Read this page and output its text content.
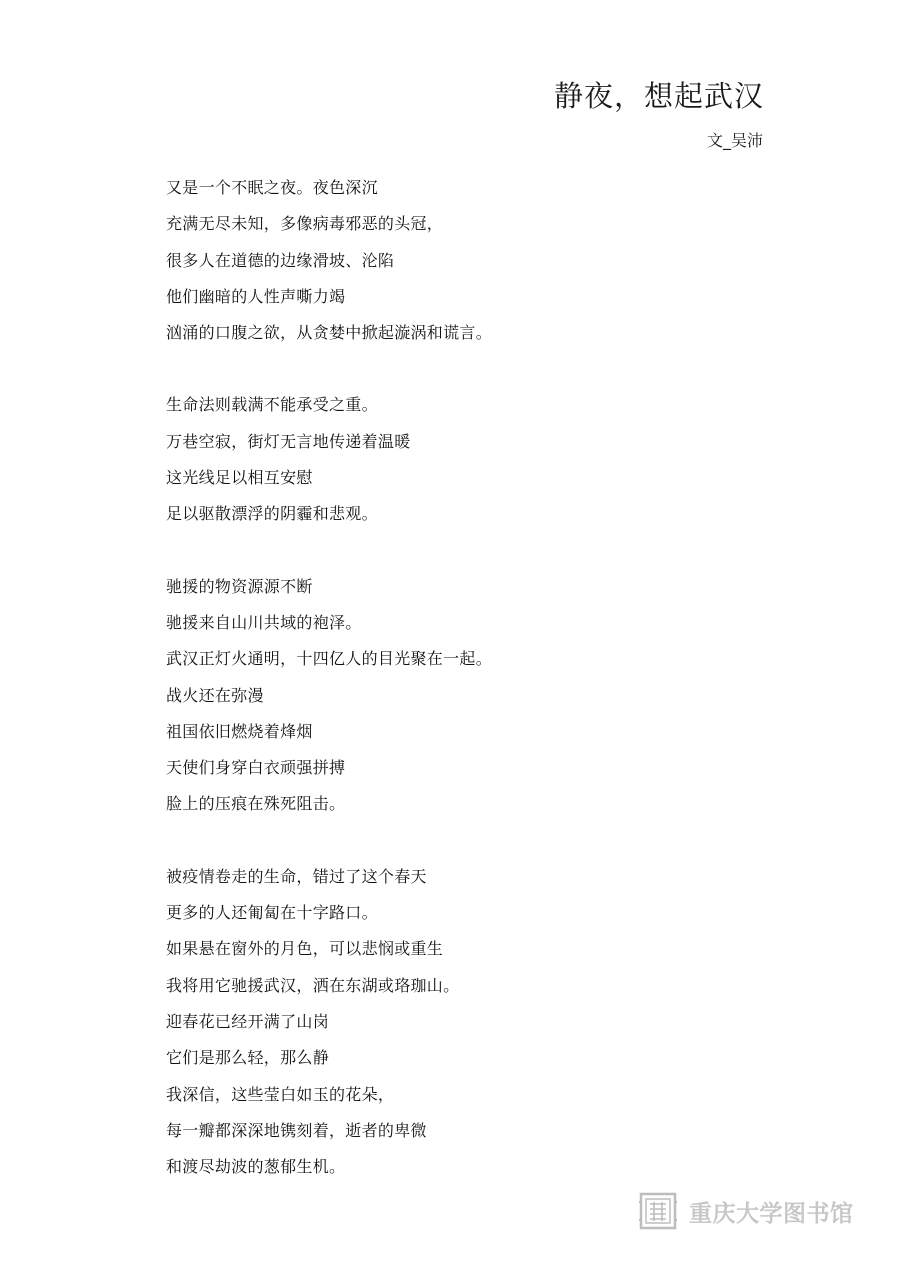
静夜，想起武汉
文_吴沛
又是一个不眠之夜。夜色深沉
充满无尽未知，多像病毒邪恶的头冠，
很多人在道德的边缘滑坡、沦陷
他们幽暗的人性声嘶力竭
汹涌的口腹之欲，从贪婪中掀起漩涡和谎言。
生命法则载满不能承受之重。
万巷空寂，街灯无言地传递着温暖
这光线足以相互安慰
足以驱散漂浮的阴霾和悲观。
驰援的物资源源不断
驰援来自山川共域的袍泽。
武汉正灯火通明，十四亿人的目光聚在一起。
战火还在弥漫
祖国依旧燃烧着烽烟
天使们身穿白衣顽强拼搏
脸上的压痕在殊死阻击。
被疫情卷走的生命，错过了这个春天
更多的人还匍匐在十字路口。
如果悬在窗外的月色，可以悲悯或重生
我将用它驰援武汉，洒在东湖或珞珈山。
迎春花已经开满了山岗
它们是那么轻，那么静
我深信，这些莹白如玉的花朵，
每一瓣都深深地镌刻着，逝者的卑微
和渡尽劫波的葱郁生机。
重庆大学图书馆
